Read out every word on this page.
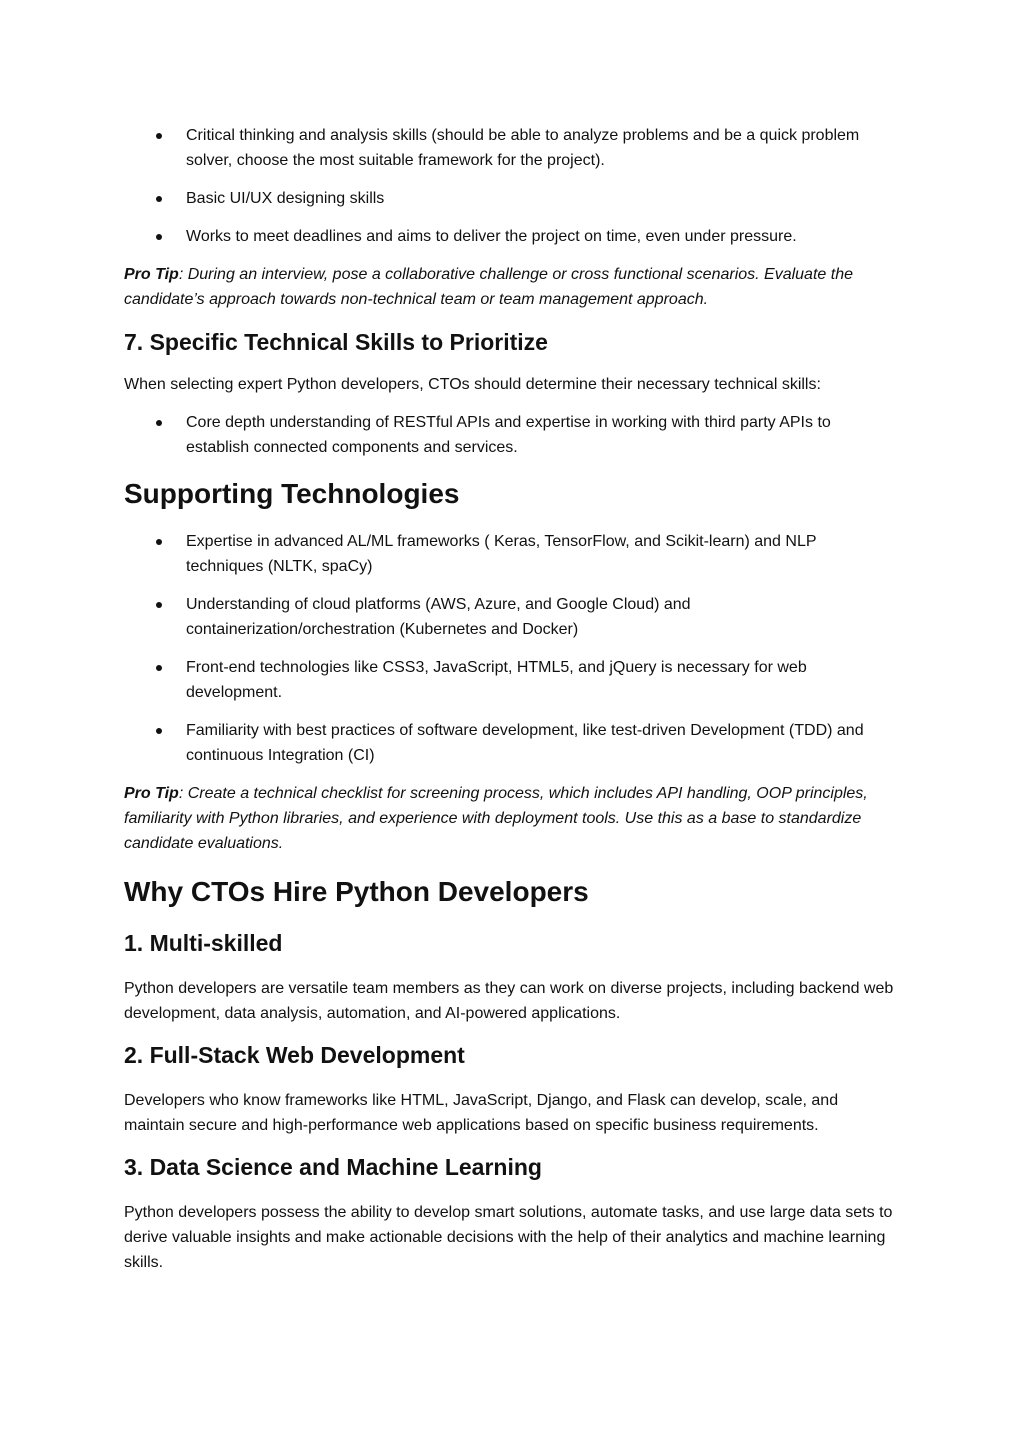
Critical thinking and analysis skills (should be able to analyze problems and be a quick problem solver, choose the most suitable framework for the project).
Basic UI/UX designing skills
Works to meet deadlines and aims to deliver the project on time, even under pressure.

Pro Tip: During an interview, pose a collaborative challenge or cross functional scenarios. Evaluate the candidate’s approach towards non-technical team or team management approach.

7. Specific Technical Skills to Prioritize

When selecting expert Python developers, CTOs should determine their necessary technical skills:

Core depth understanding of RESTful APIs and expertise in working with third party APIs to establish connected components and services.
Supporting Technologies
Expertise in advanced AL/ML frameworks ( Keras, TensorFlow, and Scikit-learn) and NLP techniques (NLTK, spaCy)
Understanding of cloud platforms (AWS, Azure, and Google Cloud) and containerization/orchestration (Kubernetes and Docker)
Front-end technologies like CSS3, JavaScript, HTML5, and jQuery is necessary for web development.
Familiarity with best practices of software development, like test-driven Development (TDD) and continuous Integration (CI)

Pro Tip: Create a technical checklist for screening process, which includes API handling, OOP principles, familiarity with Python libraries, and experience with deployment tools. Use this as a base to standardize candidate evaluations.

Why CTOs Hire Python Developers
1. Multi-skilled

Python developers are versatile team members as they can work on diverse projects, including backend web development, data analysis, automation, and AI-powered applications.

2. Full-Stack Web Development

Developers who know frameworks like HTML, JavaScript, Django, and Flask can develop, scale, and maintain secure and high-performance web applications based on specific business requirements.

3. Data Science and Machine Learning

Python developers possess the ability to develop smart solutions, automate tasks, and use large data sets to derive valuable insights and make actionable decisions with the help of their analytics and machine learning skills.
